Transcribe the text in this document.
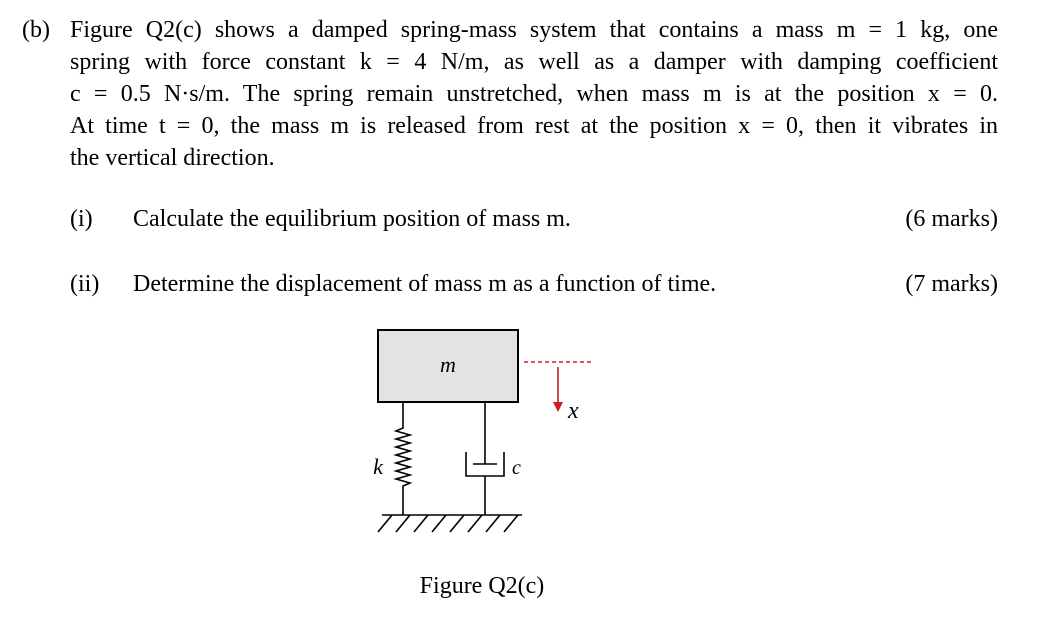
(b) Figure Q2(c) shows a damped spring-mass system that contains a mass m = 1 kg, one
spring with force constant k = 4 N/m, as well as a damper with damping coefficient
c = 0.5 N·s/m. The spring remain unstretched, when mass m is at the position x = 0.
At time t = 0, the mass m is released from rest at the position x = 0, then it vibrates in
the vertical direction.
(i) Calculate the equilibrium position of mass m.	(6 marks)
(ii) Determine the displacement of mass m as a function of time.	(7 marks)
m
k	c
x
Figure Q2(c)
